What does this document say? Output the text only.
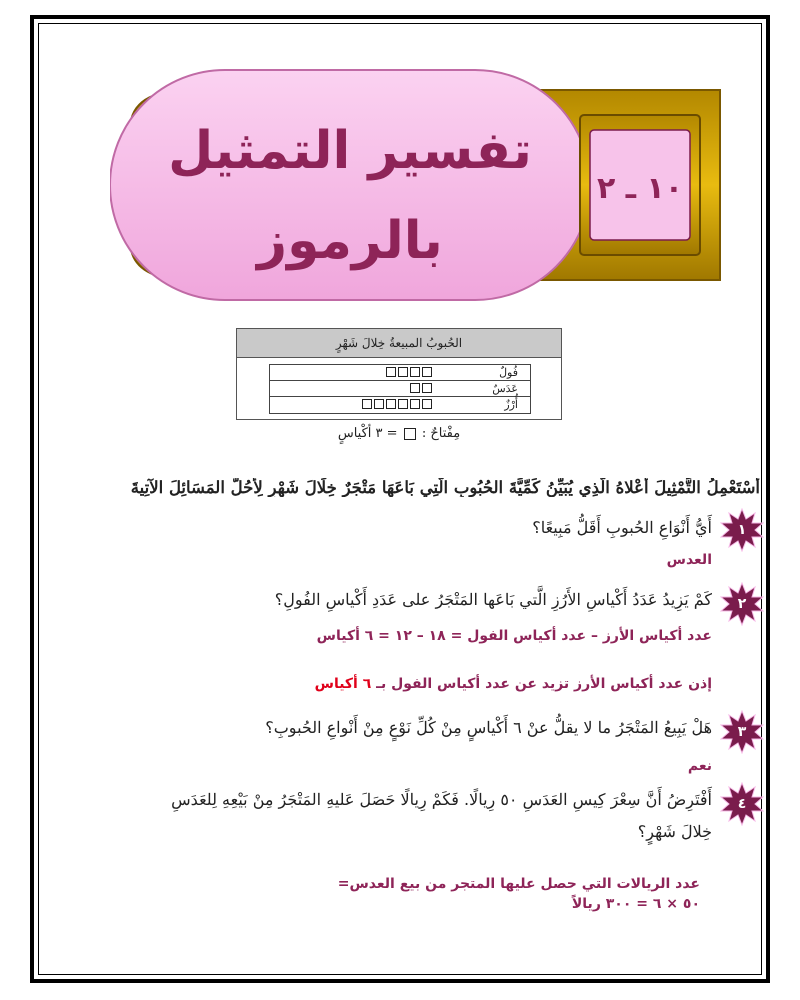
١٠ ـ ٢
تفسير التمثيل
بالرموز
الحُبوبُ المبيعةُ خِلالَ شَهْرٍ
فُولٌ
عَدَسٌ
أُرْزٌ
مِفْتاحٌ :  = ٣ أكْياسٍ
أَسْتَعْمِلُ التَّمْثِيلَ أَعْلاهُ الَّذِي يُبَيِّنُ كَمِّيَّةَ الحُبُوبِ الَّتِي بَاعَهَا مَتْجَرٌ خِلَالَ شَهْرٍ لِأَحُلَّ المَسَائِلَ الآتِيةَ
١
أَيُّ أَنْوَاعِ الحُبوبِ أَقَلُّ مَبِيعًا؟
العدس
٢
كَمْ يَزِيدُ عَدَدُ أَكْياسِ الأَرُزِ الَّتي بَاعَها المَتْجَرُ على عَدَدِ أَكْياسِ الفُولِ؟
عدد أكياس الأرز – عدد أكياس الفول = ١٨ – ١٢ = ٦ أكياس
إذن عدد أكياس الأرز تزيد عن عدد أكياس الفول بـ ٦ أكياس
٣
هَلْ يَبِيعُ المَتْجَرُ ما لا يقلُّ عنْ ٦ أَكْياسٍ مِنْ كُلِّ نَوْعٍ مِنْ أَنْواعِ الحُبوبِ؟
نعم
٤
أَفْتَرِضُ أَنَّ سِعْرَ كِيسِ العَدَسِ ٥٠ رِيالًا. فَكَمْ رِيالًا حَصَلَ عَليهِ المَتْجَرُ مِنْ بَيْعِهِ لِلعَدَسِ
خِلالَ شَهْرٍ؟
عدد الريالات التي حصل عليها المتجر من بيع العدس=
٥٠ × ٦ = ٣٠٠ ريالاً
